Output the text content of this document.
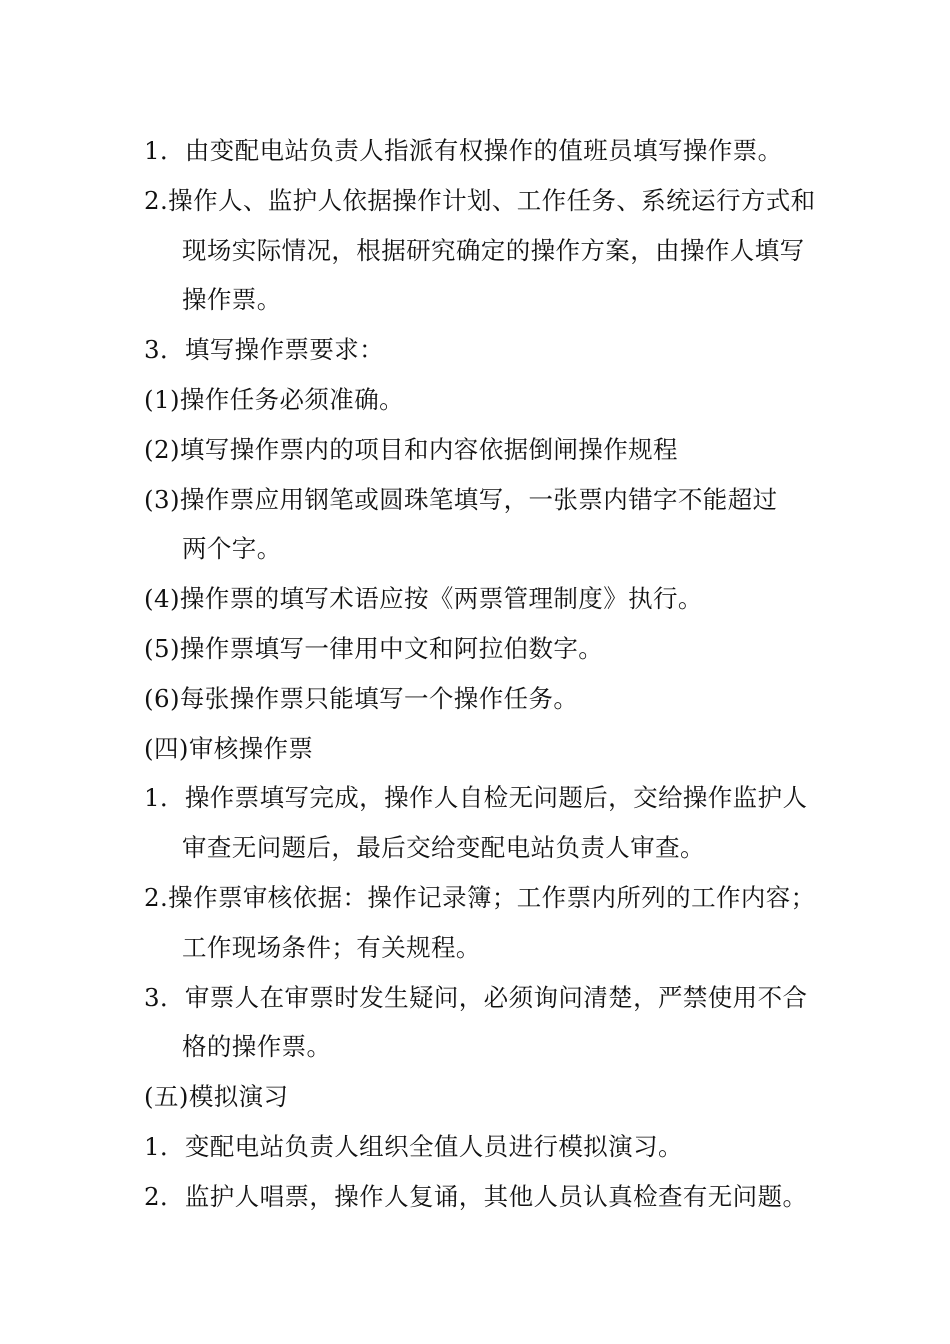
1．由变配电站负责人指派有权操作的值班员填写操作票。
2.操作人、监护人依据操作计划、工作任务、系统运行方式和
现场实际情况，根据研究确定的操作方案，由操作人填写
操作票。
3．填写操作票要求：
(1)操作任务必须准确。
(2)填写操作票内的项目和内容依据倒闸操作规程
(3)操作票应用钢笔或圆珠笔填写，一张票内错字不能超过
两个字。
(4)操作票的填写术语应按《两票管理制度》执行。
(5)操作票填写一律用中文和阿拉伯数字。
(6)每张操作票只能填写一个操作任务。
(四)审核操作票
1．操作票填写完成，操作人自检无问题后，交给操作监护人
审查无问题后，最后交给变配电站负责人审查。
2.操作票审核依据：操作记录簿；工作票内所列的工作内容；
工作现场条件；有关规程。
3．审票人在审票时发生疑问，必须询问清楚，严禁使用不合
格的操作票。
(五)模拟演习
1．变配电站负责人组织全值人员进行模拟演习。
2．监护人唱票，操作人复诵，其他人员认真检查有无问题。
